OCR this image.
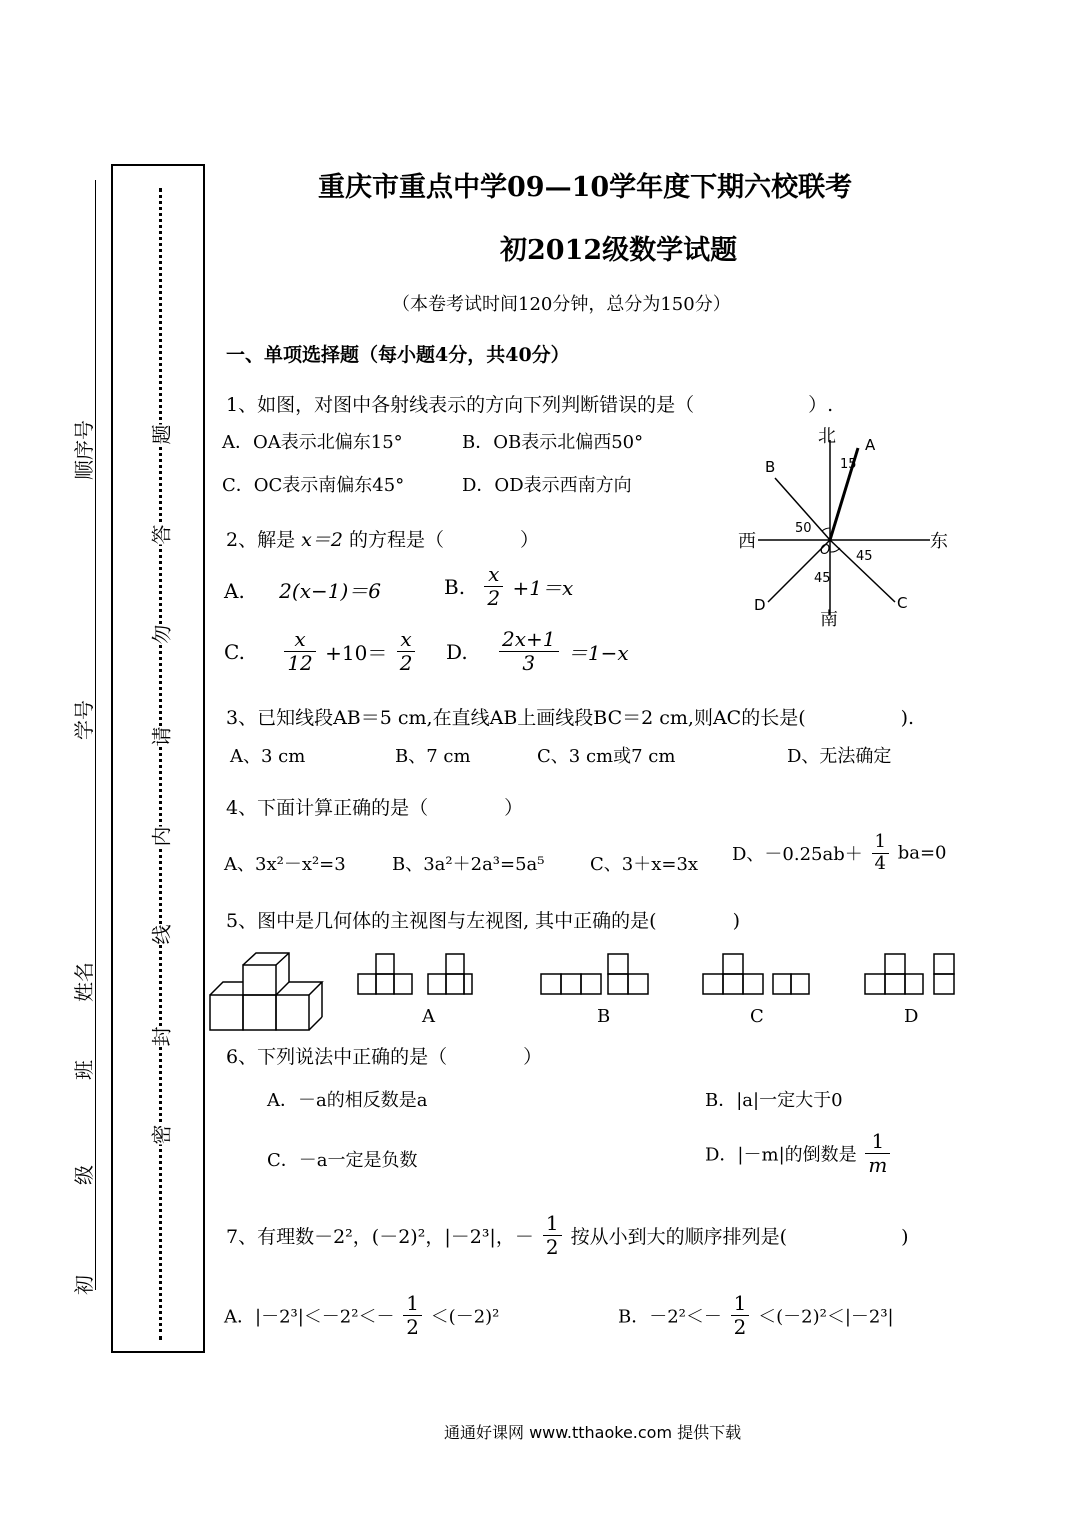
密
封
线
内
请
勿
答
题
初
级
班
姓名
学号
顺序号
重庆市重点中学09—10学年度下期六校联考
初2012级数学试题
（本卷考试时间120分钟，总分为150分）
一、单项选择题（每小题4分，共40分）
1、如图，对图中各射线表示的方向下列判断错误的是（　　　　　　）.
A．OA表示北偏东15°	B．OB表示北偏西50°
C．OC表示南偏东45°	D．OD表示西南方向
北
南
西	东
A
B
C
D
O
15
50
45
45
2、解是 x＝2 的方程是（　　　　）
A. 2(x−1)＝6	B. $\frac{x}{2} +1=x$
C. $\frac{x}{12} +10= \frac{x}{2} D$. $\frac{2x+1}{3} =1-x$
3、已知线段AB＝5 cm,在直线AB上画线段BC＝2 cm,则AC的长是(　　　　　).
A、3 cm	B、7 cm	C、3 cm或7 cm	D、无法确定
4、下面计算正确的是（　　　　）
A、3x²－x²=3	B、3a²＋2a³=5a⁵	C、3＋x=3x D、$-0.25ab+ \frac{1}{4} ba=0$
5、图中是几何体的主视图与左视图, 其中正确的是(　　　　)
A	B	C	D
6、下列说法中正确的是（　　　　）
A．－a的相反数是a	B．|a|一定大于0
C．－a一定是负数	D．|－m|的倒数是 $\frac{1}{m}$
7、有理数－2²，(－2)²，|－2³|，－ $\frac{1}{2}$ 按从小到大的顺序排列是(　　　　　　)
A．$|-2^3|<-2^2<- \frac{1}{2} <(-2)^2$	B．$-2^2<- \frac{1}{2} <(-2)^2<|-2^3|$
通通好课网 www.tthaoke.com 提供下载
